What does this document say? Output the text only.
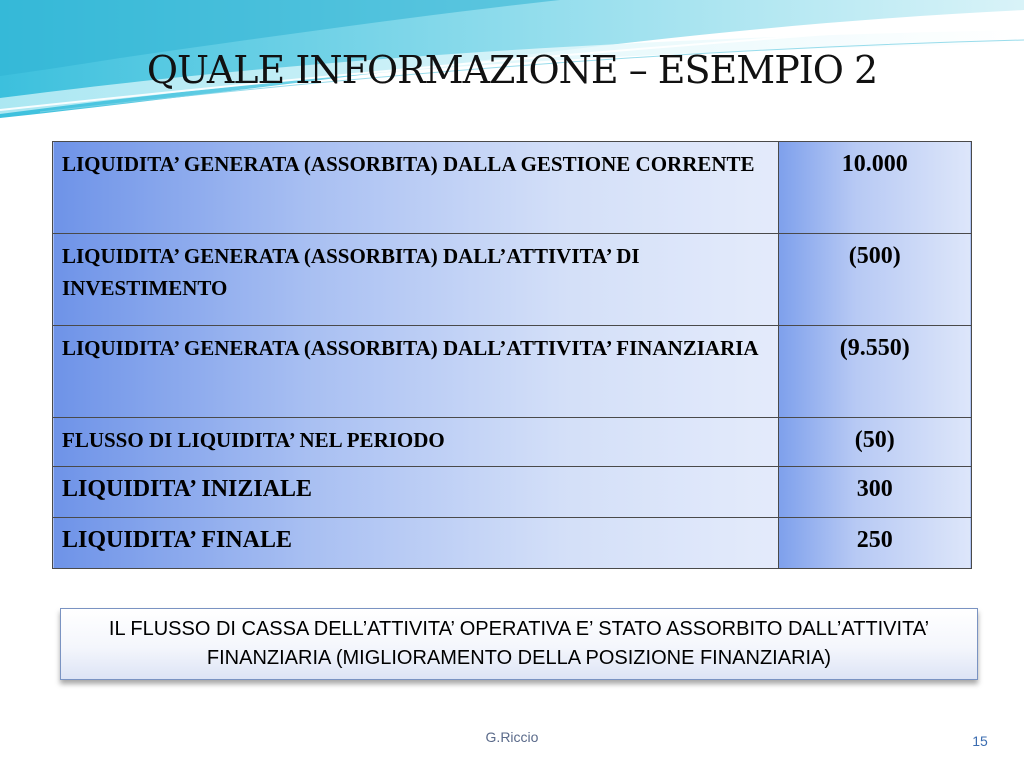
QUALE INFORMAZIONE – ESEMPIO 2
LIQUIDITA’ GENERATA (ASSORBITA) DALLA GESTIONE CORRENTE	10.000
LIQUIDITA’ GENERATA (ASSORBITA) DALL’ATTIVITA’ DI INVESTIMENTO	(500)
LIQUIDITA’ GENERATA (ASSORBITA) DALL’ATTIVITA’ FINANZIARIA	(9.550)
FLUSSO DI LIQUIDITA’ NEL PERIODO	(50)
LIQUIDITA’ INIZIALE	300
LIQUIDITA’ FINALE	250
IL FLUSSO DI CASSA DELL’ATTIVITA’ OPERATIVA E’ STATO ASSORBITO DALL’ATTIVITA’ FINANZIARIA (MIGLIORAMENTO DELLA POSIZIONE FINANZIARIA)
G.Riccio	15
